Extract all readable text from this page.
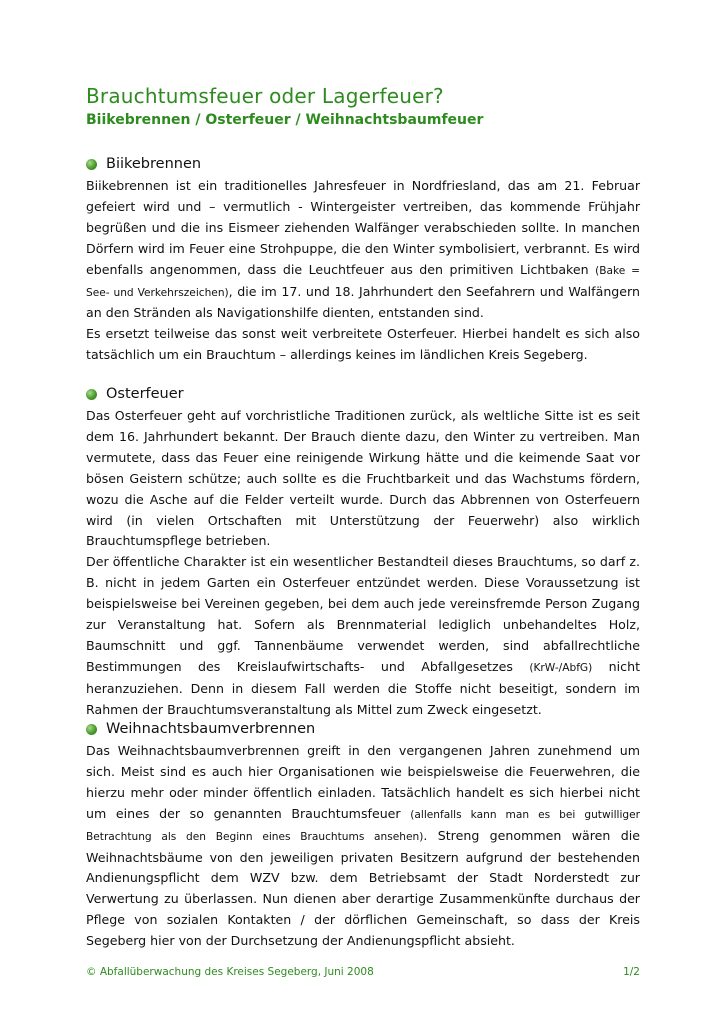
Brauchtumsfeuer oder Lagerfeuer?
Biikebrennen / Osterfeuer / Weihnachtsbaumfeuer
Biikebrennen
Biikebrennen ist ein traditionelles Jahresfeuer in Nordfriesland, das am 21. Februar gefeiert wird und – vermutlich - Wintergeister vertreiben, das kommende Frühjahr begrüßen und die ins Eismeer ziehenden Walfänger verabschieden sollte. In manchen Dörfern wird im Feuer eine Strohpuppe, die den Winter symbolisiert, verbrannt. Es wird ebenfalls angenommen, dass die Leuchtfeuer aus den primitiven Lichtbaken (Bake = See- und Verkehrszeichen), die im 17. und 18. Jahrhundert den Seefahrern und Walfängern an den Stränden als Navigationshilfe dienten, entstanden sind.
Es ersetzt teilweise das sonst weit verbreitete Osterfeuer. Hierbei handelt es sich also tatsächlich um ein Brauchtum – allerdings keines im ländlichen Kreis Segeberg.
Osterfeuer
Das Osterfeuer geht auf vorchristliche Traditionen zurück, als weltliche Sitte ist es seit dem 16. Jahrhundert bekannt. Der Brauch diente dazu, den Winter zu vertreiben. Man vermutete, dass das Feuer eine reinigende Wirkung hätte und die keimende Saat vor bösen Geistern schütze; auch sollte es die Fruchtbarkeit und das Wachstums fördern, wozu die Asche auf die Felder verteilt wurde. Durch das Abbrennen von Osterfeuern wird (in vielen Ortschaften mit Unterstützung der Feuerwehr) also wirklich Brauchtumspflege betrieben.
Der öffentliche Charakter ist ein wesentlicher Bestandteil dieses Brauchtums, so darf z. B. nicht in jedem Garten ein Osterfeuer entzündet werden. Diese Voraussetzung ist beispielsweise bei Vereinen gegeben, bei dem auch jede vereinsfremde Person Zugang zur Veranstaltung hat. Sofern als Brennmaterial lediglich unbehandeltes Holz, Baumschnitt und ggf. Tannenbäume verwendet werden, sind abfallrechtliche Bestimmungen des Kreislaufwirtschafts- und Abfallgesetzes (KrW-/AbfG) nicht heranzuziehen. Denn in diesem Fall werden die Stoffe nicht beseitigt, sondern im Rahmen der Brauchtumsveranstaltung als Mittel zum Zweck eingesetzt.
Weihnachtsbaumverbrennen
Das Weihnachtsbaumverbrennen greift in den vergangenen Jahren zunehmend um sich. Meist sind es auch hier Organisationen wie beispielsweise die Feuerwehren, die hierzu mehr oder minder öffentlich einladen. Tatsächlich handelt es sich hierbei nicht um eines der so genannten Brauchtumsfeuer (allenfalls kann man es bei gutwilliger Betrachtung als den Beginn eines Brauchtums ansehen). Streng genommen wären die Weihnachtsbäume von den jeweiligen privaten Besitzern aufgrund der bestehenden Andienungspflicht dem WZV bzw. dem Betriebsamt der Stadt Norderstedt zur Verwertung zu überlassen. Nun dienen aber derartige Zusammenkünfte durchaus der Pflege von sozialen Kontakten / der dörflichen Gemeinschaft, so dass der Kreis Segeberg hier von der Durchsetzung der Andienungspflicht absieht.
© Abfallüberwachung des Kreises Segeberg, Juni 2008	1/2
